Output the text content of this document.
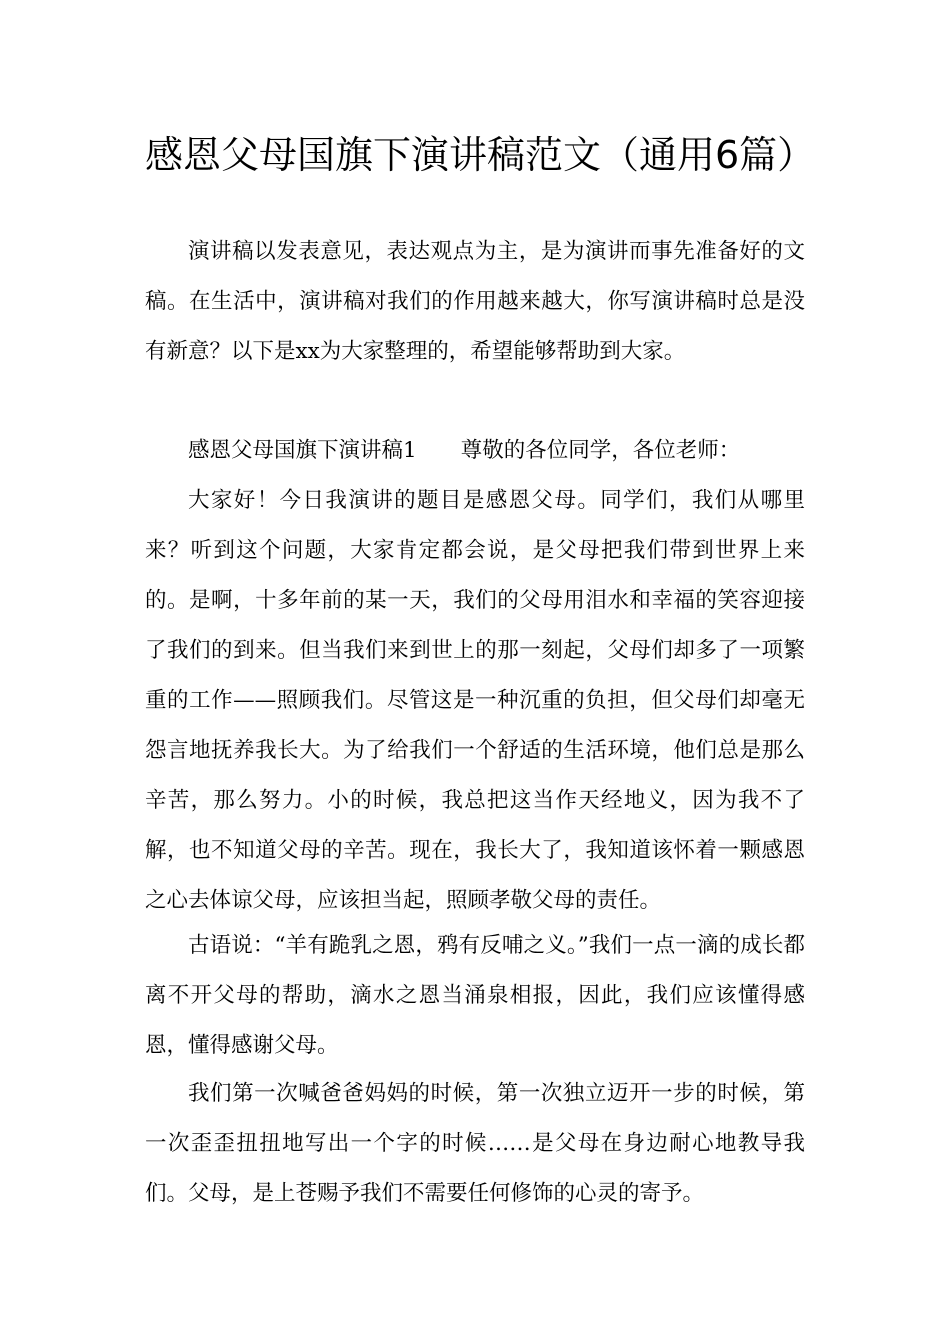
感恩父母国旗下演讲稿范文（通用6篇）

演讲稿以发表意见，表达观点为主，是为演讲而事先准备好的文稿。在生活中，演讲稿对我们的作用越来越大，你写演讲稿时总是没有新意？以下是xx为大家整理的，希望能够帮助到大家。

感恩父母国旗下演讲稿1 尊敬的各位同学，各位老师：

大家好！今日我演讲的题目是感恩父母。同学们，我们从哪里来？听到这个问题，大家肯定都会说，是父母把我们带到世界上来的。是啊，十多年前的某一天，我们的父母用泪水和幸福的笑容迎接了我们的到来。但当我们来到世上的那一刻起，父母们却多了一项繁重的工作——照顾我们。尽管这是一种沉重的负担，但父母们却毫无怨言地抚养我长大。为了给我们一个舒适的生活环境，他们总是那么辛苦，那么努力。小的时候，我总把这当作天经地义，因为我不了解，也不知道父母的辛苦。现在，我长大了，我知道该怀着一颗感恩之心去体谅父母，应该担当起，照顾孝敬父母的责任。

古语说：“羊有跪乳之恩，鸦有反哺之义。”我们一点一滴的成长都离不开父母的帮助，滴水之恩当涌泉相报，因此，我们应该懂得感恩，懂得感谢父母。

我们第一次喊爸爸妈妈的时候，第一次独立迈开一步的时候，第一次歪歪扭扭地写出一个字的时候……是父母在身边耐心地教导我们。父母，是上苍赐予我们不需要任何修饰的心灵的寄予。
